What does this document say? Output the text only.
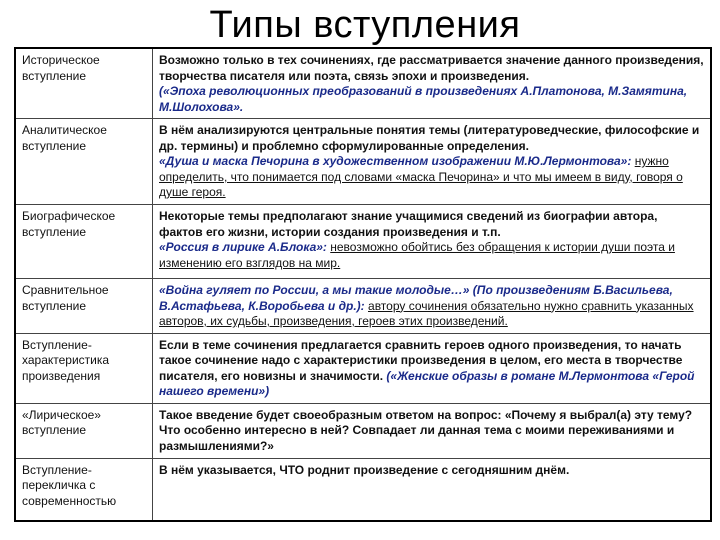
Типы вступления
Историческое вступление	Возможно только в тех сочинениях, где рассматривается значение данного произведения, творчества писателя или поэта, связь эпохи и произведения.
(«Эпоха революционных преобразований в произведениях А.Платонова, М.Замятина, М.Шолохова».
Аналитическое вступление	В нём анализируются центральные понятия темы (литературоведческие, философские и др. термины) и проблемно сформулированные определения.
«Душа и маска Печорина в художественном изображении М.Ю.Лермонтова»: нужно определить, что понимается под словами «маска Печорина» и что мы имеем в виду, говоря о душе героя.
Биографическое вступление	Некоторые темы предполагают знание учащимися сведений из биографии автора, фактов его жизни, истории создания произведения и т.п.
«Россия в лирике А.Блока»: невозможно обойтись без обращения к истории души поэта и изменению его взглядов на мир.
Сравнительное вступление	«Война гуляет по России, а мы такие молодые…» (По произведениям Б.Васильева, В.Астафьева, К.Воробьева и др.): автору сочинения обязательно нужно сравнить указанных авторов, их судьбы, произведения, героев этих произведений.
Вступление-характеристика произведения	Если в теме сочинения предлагается сравнить героев одного произведения, то начать такое сочинение надо с характеристики произведения в целом, его места в творчестве писателя, его новизны и значимости. («Женские образы в романе М.Лермонтова «Герой нашего времени»)
«Лирическое» вступление	Такое введение будет своеобразным ответом на вопрос: «Почему я выбрал(а) эту тему? Что особенно интересно в ней? Совпадает ли данная тема с моими переживаниями и размышлениями?»
Вступление-перекличка с современностью	В нём указывается, ЧТО роднит произведение с сегодняшним днём.
